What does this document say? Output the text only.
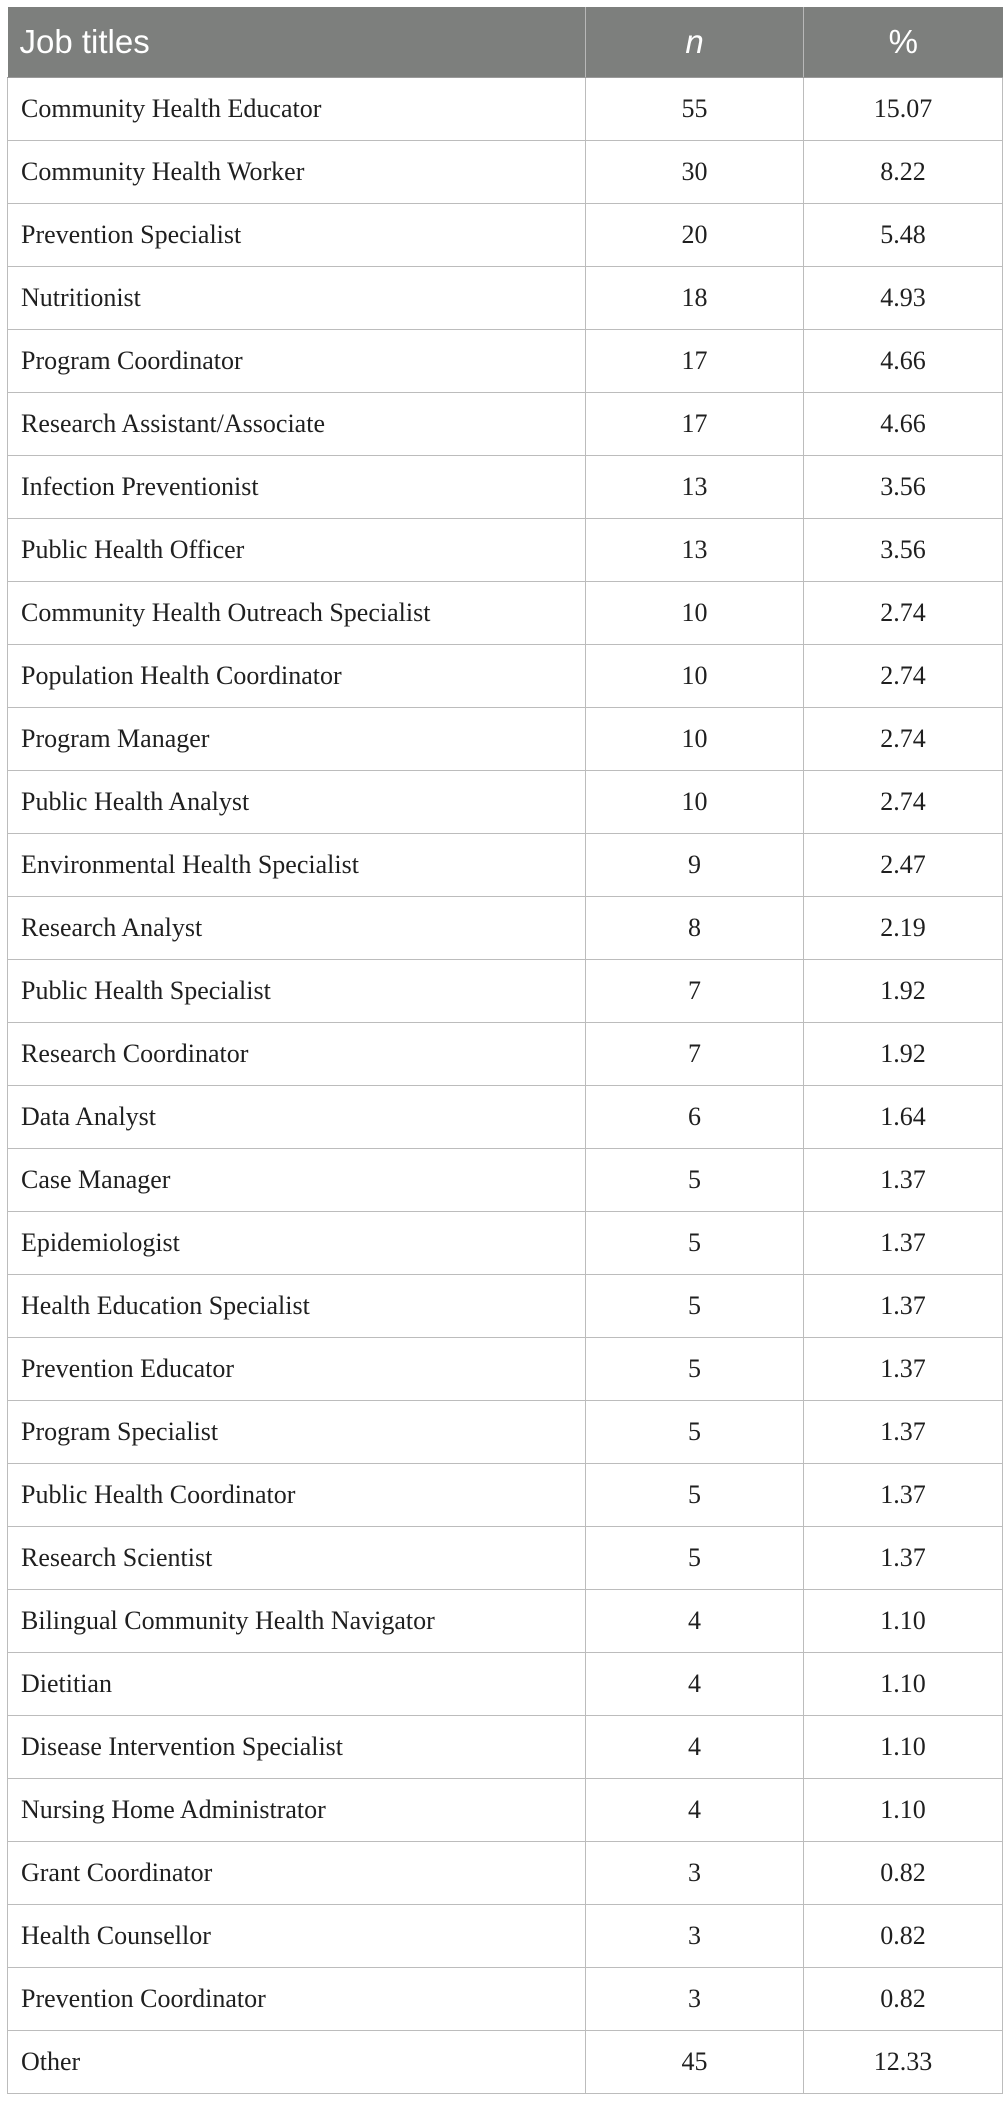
Job titles	n	%
Community Health Educator	55	15.07
Community Health Worker	30	8.22
Prevention Specialist	20	5.48
Nutritionist	18	4.93
Program Coordinator	17	4.66
Research Assistant/Associate	17	4.66
Infection Preventionist	13	3.56
Public Health Officer	13	3.56
Community Health Outreach Specialist	10	2.74
Population Health Coordinator	10	2.74
Program Manager	10	2.74
Public Health Analyst	10	2.74
Environmental Health Specialist	9	2.47
Research Analyst	8	2.19
Public Health Specialist	7	1.92
Research Coordinator	7	1.92
Data Analyst	6	1.64
Case Manager	5	1.37
Epidemiologist	5	1.37
Health Education Specialist	5	1.37
Prevention Educator	5	1.37
Program Specialist	5	1.37
Public Health Coordinator	5	1.37
Research Scientist	5	1.37
Bilingual Community Health Navigator	4	1.10
Dietitian	4	1.10
Disease Intervention Specialist	4	1.10
Nursing Home Administrator	4	1.10
Grant Coordinator	3	0.82
Health Counsellor	3	0.82
Prevention Coordinator	3	0.82
Other	45	12.33
